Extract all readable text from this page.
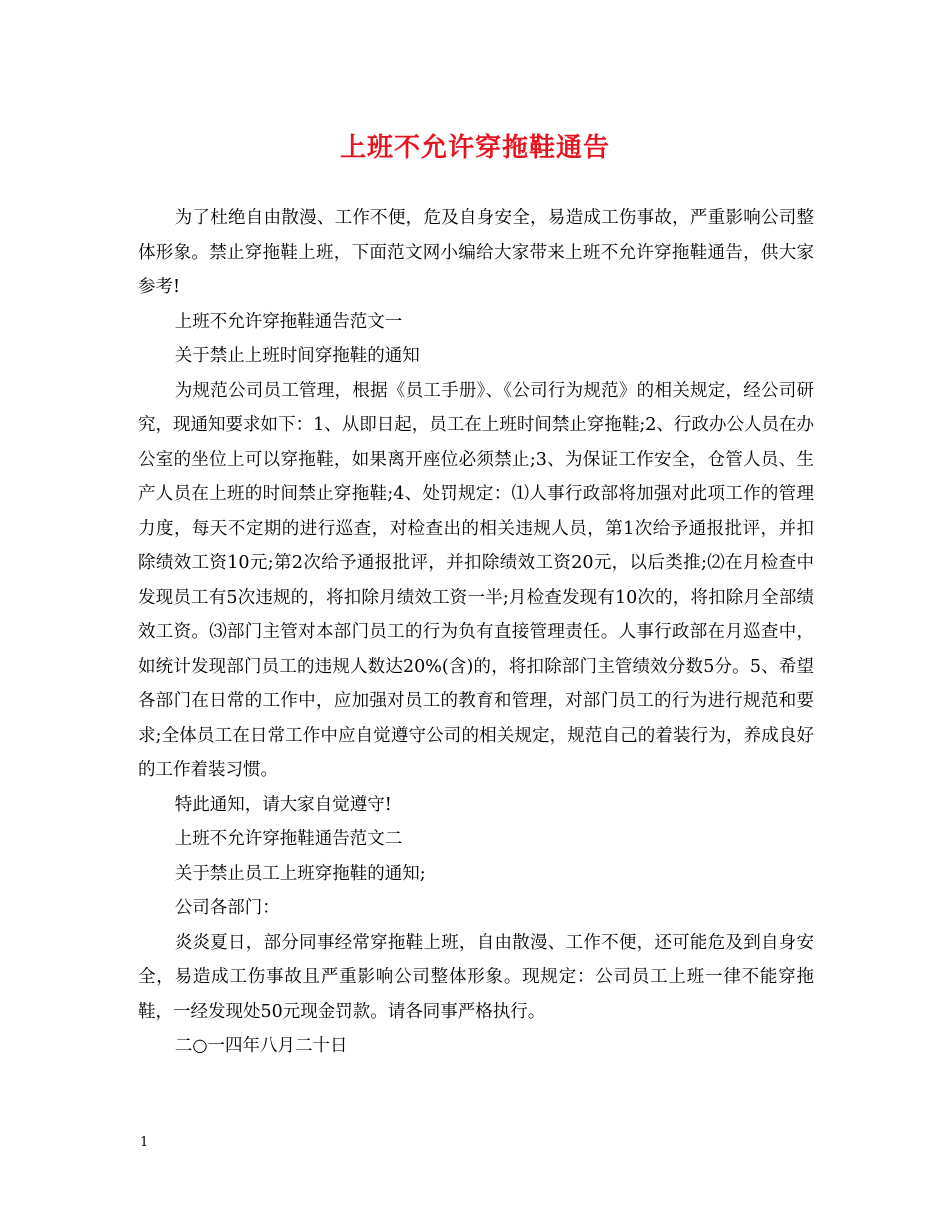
上班不允许穿拖鞋通告

为了杜绝自由散漫、工作不便，危及自身安全，易造成工伤事故，严重影响公司整体形象。禁止穿拖鞋上班，下面范文网小编给大家带来上班不允许穿拖鞋通告，供大家参考!

上班不允许穿拖鞋通告范文一

关于禁止上班时间穿拖鞋的通知

为规范公司员工管理，根据《员工手册》、《公司行为规范》的相关规定，经公司研究，现通知要求如下：1、从即日起，员工在上班时间禁止穿拖鞋;2、行政办公人员在办公室的坐位上可以穿拖鞋，如果离开座位必须禁止;3、为保证工作安全，仓管人员、生产人员在上班的时间禁止穿拖鞋;4、处罚规定：⑴人事行政部将加强对此项工作的管理力度，每天不定期的进行巡查，对检查出的相关违规人员，第1次给予通报批评，并扣除绩效工资10元;第2次给予通报批评，并扣除绩效工资20元，以后类推;⑵在月检查中发现员工有5次违规的，将扣除月绩效工资一半;月检查发现有10次的，将扣除月全部绩效工资。⑶部门主管对本部门员工的行为负有直接管理责任。人事行政部在月巡查中，如统计发现部门员工的违规人数达20%(含)的，将扣除部门主管绩效分数5分。5、希望各部门在日常的工作中，应加强对员工的教育和管理，对部门员工的行为进行规范和要求;全体员工在日常工作中应自觉遵守公司的相关规定，规范自己的着装行为，养成良好的工作着装习惯。

特此通知，请大家自觉遵守!

上班不允许穿拖鞋通告范文二

关于禁止员工上班穿拖鞋的通知;

公司各部门：

炎炎夏日，部分同事经常穿拖鞋上班，自由散漫、工作不便，还可能危及到自身安全，易造成工伤事故且严重影响公司整体形象。现规定：公司员工上班一律不能穿拖鞋，一经发现处50元现金罚款。请各同事严格执行。

二○一四年八月二十日

1
